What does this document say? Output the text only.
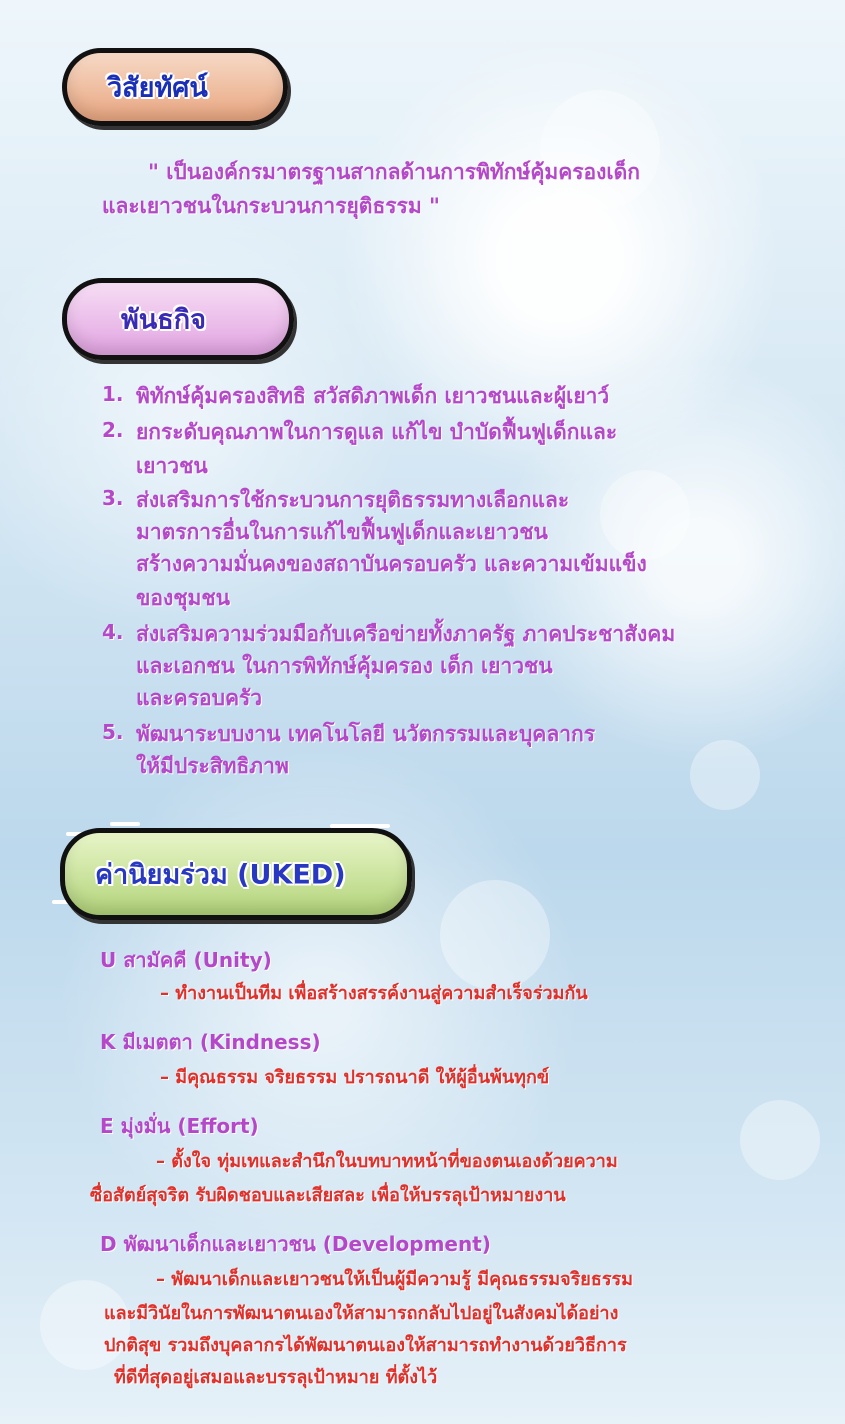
วิสัยทัศน์
" เป็นองค์กรมาตรฐานสากลด้านการพิทักษ์คุ้มครองเด็ก
และเยาวชนในกระบวนการยุติธรรม "
พันธกิจ
1. พิทักษ์คุ้มครองสิทธิ สวัสดิภาพเด็ก เยาวชนและผู้เยาว์
2. ยกระดับคุณภาพในการดูแล แก้ไข บำบัดฟื้นฟูเด็กและ
เยาวชน
3. ส่งเสริมการใช้กระบวนการยุติธรรมทางเลือกและ
มาตรการอื่นในการแก้ไขฟื้นฟูเด็กและเยาวชน
สร้างความมั่นคงของสถาบันครอบครัว และความเข้มแข็ง
ของชุมชน
4. ส่งเสริมความร่วมมือกับเครือข่ายทั้งภาครัฐ ภาคประชาสังคม
และเอกชน ในการพิทักษ์คุ้มครอง เด็ก เยาวชน
และครอบครัว
5. พัฒนาระบบงาน เทคโนโลยี นวัตกรรมและบุคลากร
ให้มีประสิทธิภาพ
ค่านิยมร่วม (UKED)
U สามัคคี (Unity)
– ทำงานเป็นทีม เพื่อสร้างสรรค์งานสู่ความสำเร็จร่วมกัน
K มีเมตตา (Kindness)
– มีคุณธรรม จริยธรรม ปรารถนาดี ให้ผู้อื่นพ้นทุกข์
E มุ่งมั่น (Effort)
– ตั้งใจ ทุ่มเทและสำนึกในบทบาทหน้าที่ของตนเองด้วยความ
ซื่อสัตย์สุจริต รับผิดชอบและเสียสละ เพื่อให้บรรลุเป้าหมายงาน
D พัฒนาเด็กและเยาวชน (Development)
– พัฒนาเด็กและเยาวชนให้เป็นผู้มีความรู้ มีคุณธรรมจริยธรรม
และมีวินัยในการพัฒนาตนเองให้สามารถกลับไปอยู่ในสังคมได้อย่าง
ปกติสุข รวมถึงบุคลากรได้พัฒนาตนเองให้สามารถทำงานด้วยวิธีการ
ที่ดีที่สุดอยู่เสมอและบรรลุเป้าหมาย ที่ตั้งไว้
